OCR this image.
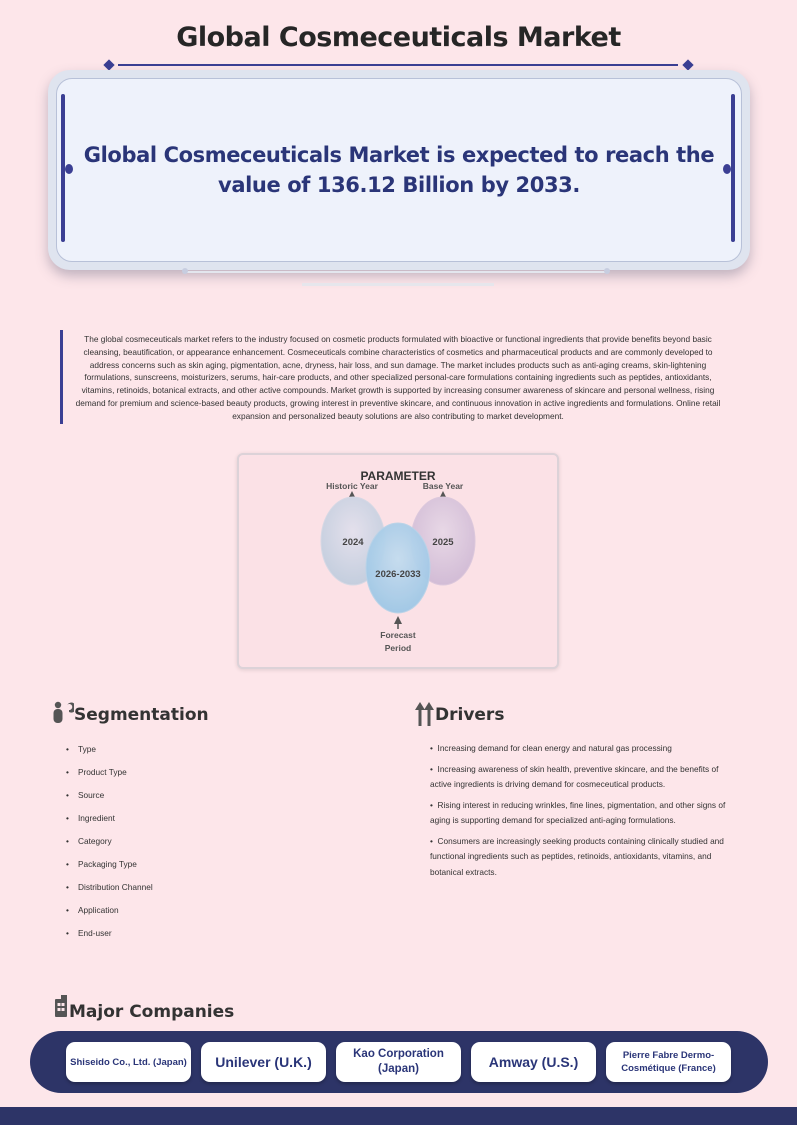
Global Cosmeceuticals Market
Global Cosmeceuticals Market is expected to reach the value of 136.12 Billion by 2033.

The global cosmeceuticals market refers to the industry focused on cosmetic products formulated with bioactive or functional ingredients that provide benefits beyond basic cleansing, beautification, or appearance enhancement. Cosmeceuticals combine characteristics of cosmetics and pharmaceutical products and are commonly developed to address concerns such as skin aging, pigmentation, acne, dryness, hair loss, and sun damage. The market includes products such as anti-aging creams, skin-lightening formulations, sunscreens, moisturizers, serums, hair-care products, and other specialized personal-care formulations containing ingredients such as peptides, antioxidants, vitamins, retinoids, botanical extracts, and other active compounds. Market growth is supported by increasing consumer awareness of skincare and personal wellness, rising demand for premium and science-based beauty products, growing interest in preventive skincare, and continuous innovation in active ingredients and formulations. Online retail expansion and personalized beauty solutions are also contributing to market development.

PARAMETER
Historic Year	Base Year
2024	2025
2026-2033
Forecast
Period
Segmentation
• Type
• Product Type
• Source
• Ingredient
• Category
• Packaging Type
• Distribution Channel
• Application
• End-user
Drivers
•  Increasing demand for clean energy and natural gas processing
•  Increasing awareness of skin health, preventive skincare, and the benefits of active ingredients is driving demand for cosmeceutical products.
•  Rising interest in reducing wrinkles, fine lines, pigmentation, and other signs of aging is supporting demand for specialized anti-aging formulations.
•  Consumers are increasingly seeking products containing clinically studied and functional ingredients such as peptides, retinoids, antioxidants, vitamins, and botanical extracts.
Major Companies
Shiseido Co., Ltd. (Japan) Unilever (U.K.)	Kao Corporation (Japan)	Amway (U.S.)	Pierre Fabre Dermo-Cosmétique (France)
